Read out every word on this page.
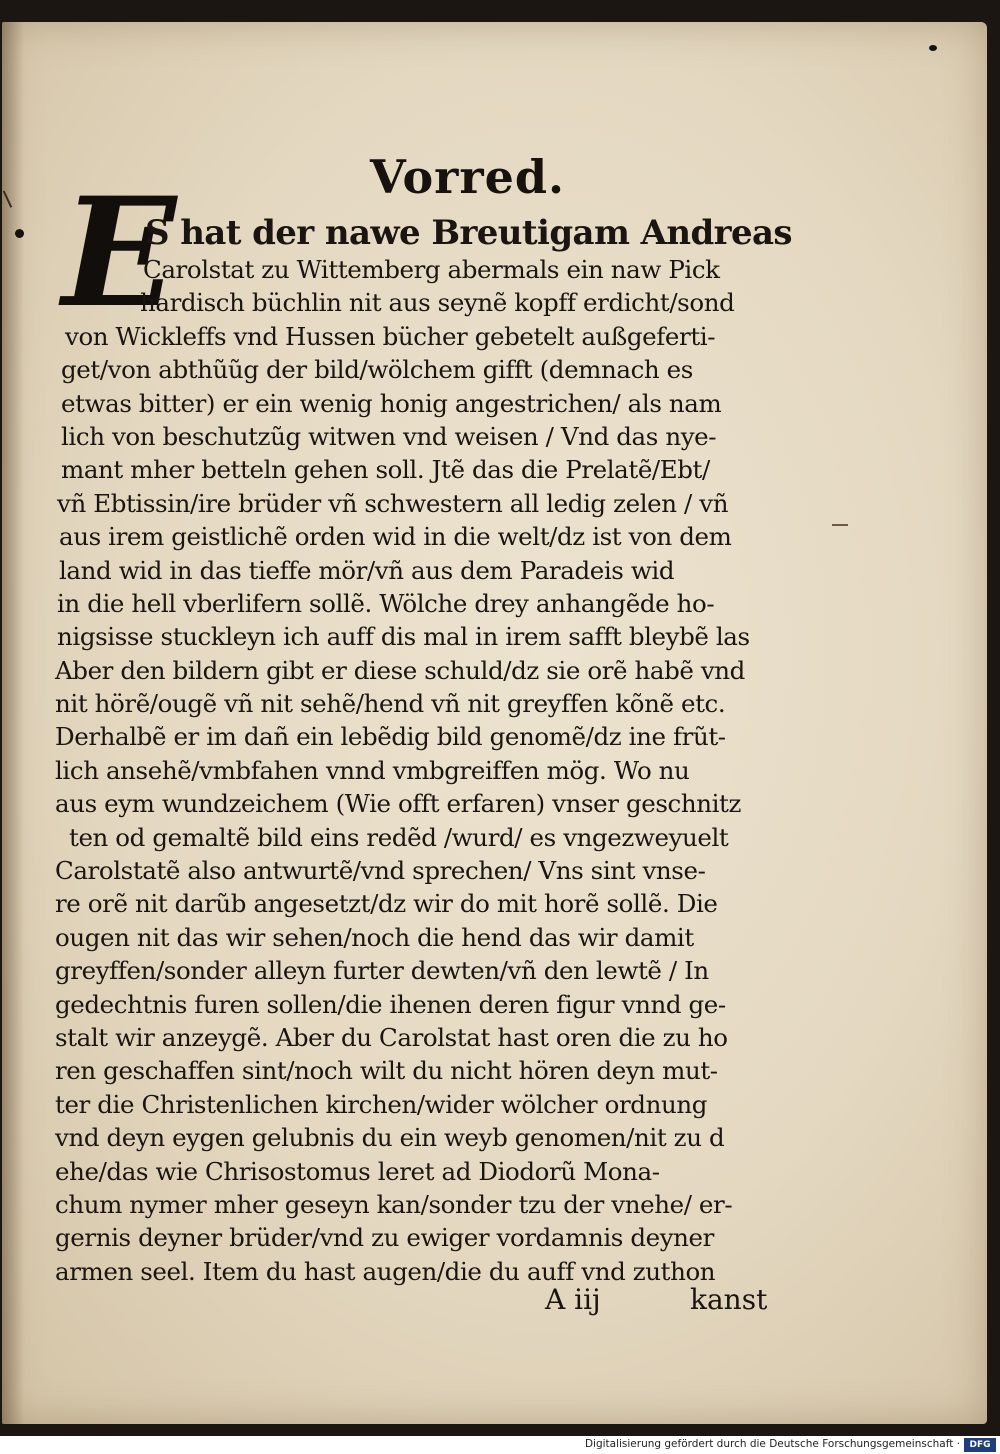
Vorred.
E
S hat der nawe Breutigam Andreas
Carolstat zu Wittemberg abermals ein naw Pick
hardisch büchlin nit aus seynẽ kopff erdicht/sond
von Wickleffs vnd Hussen bücher gebetelt außgeferti-
get/von abthũũg der bild/wölchem gifft (demnach es
etwas bitter) er ein wenig honig angestrichen/ als nam
lich von beschutzũg witwen vnd weisen / Vnd das nye-
mant mher betteln gehen soll. Jtẽ das die Prelatẽ/Ebt/
vñ Ebtissin/ire brüder vñ schwestern all ledig zelen / vñ
aus irem geistlichẽ orden wid in die welt/dz ist von dem
land wid in das tieffe mör/vñ aus dem Paradeis wid
in die hell vberlifern sollẽ. Wölche drey anhangẽde ho-
nigsisse stuckleyn ich auff dis mal in irem safft bleybẽ las
Aber den bildern gibt er diese schuld/dz sie orẽ habẽ vnd
nit hörẽ/ougẽ vñ nit sehẽ/hend vñ nit greyffen kõnẽ etc.
Derhalbẽ er im dañ ein lebẽdig bild genomẽ/dz ine frũt-
lich ansehẽ/vmbfahen vnnd vmbgreiffen mög. Wo nu
aus eym wundzeichem (Wie offt erfaren) vnser geschnitz
ten od gemaltẽ bild eins redẽd /wurd/ es vngezweyuelt
Carolstatẽ also antwurtẽ/vnd sprechen/ Vns sint vnse-
re orẽ nit darũb angesetzt/dz wir do mit horẽ sollẽ. Die
ougen nit das wir sehen/noch die hend das wir damit
greyffen/sonder alleyn furter dewten/vñ den lewtẽ / In
gedechtnis furen sollen/die ihenen deren figur vnnd ge-
stalt wir anzeygẽ. Aber du Carolstat hast oren die zu ho
ren geschaffen sint/noch wilt du nicht hören deyn mut-
ter die Christenlichen kirchen/wider wölcher ordnung
vnd deyn eygen gelubnis du ein weyb genomen/nit zu d
ehe/das wie Chrisostomus leret ad Diodorũ Mona-
chum nymer mher geseyn kan/sonder tzu der vnehe/ er-
gernis deyner brüder/vnd zu ewiger vordamnis deyner
armen seel. Item du hast augen/die du auff vnd zuthon
A iij	kanst
Digitalisierung gefördert durch die Deutsche Forschungsgemeinschaft ·	DFG
